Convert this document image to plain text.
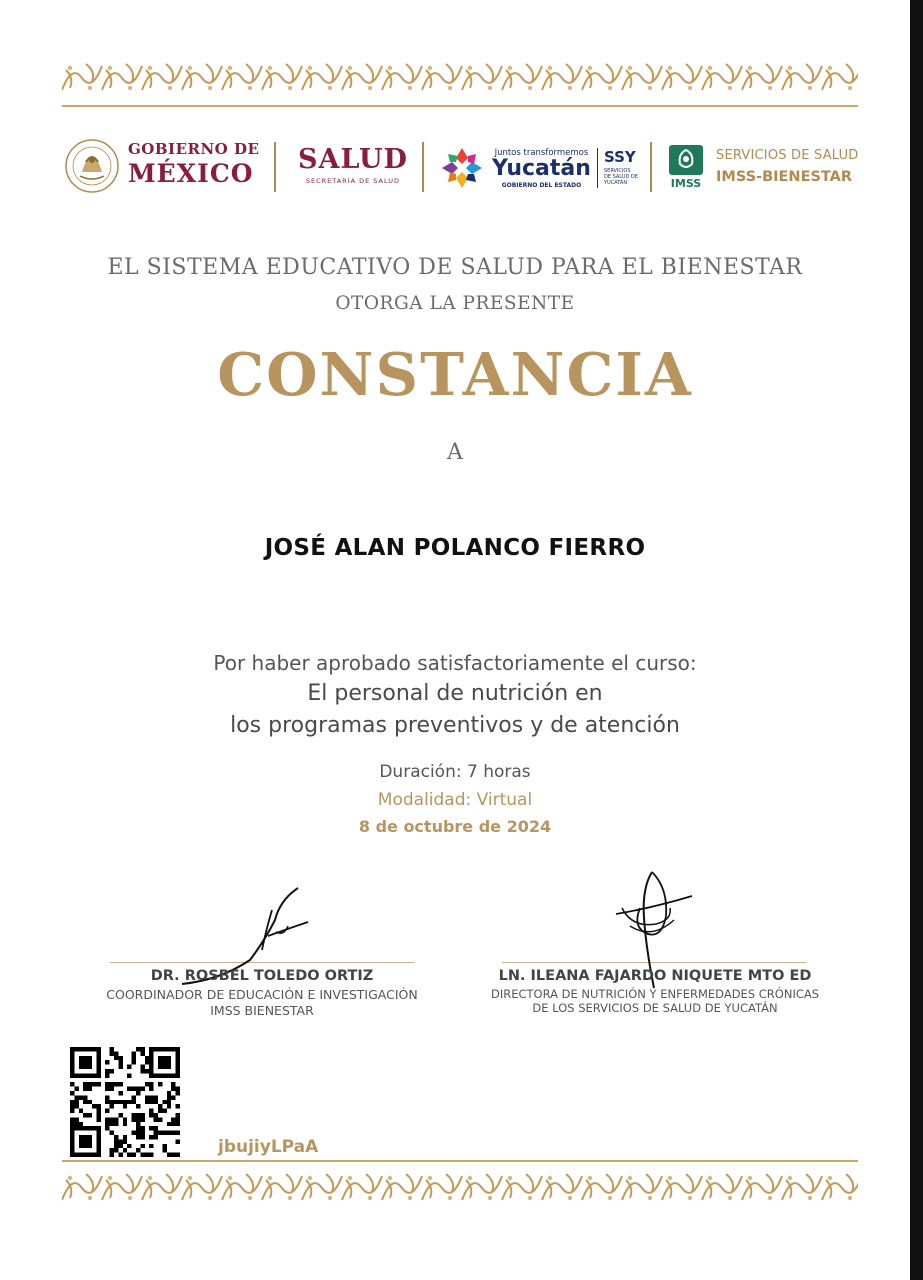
GOBIERNO DE
MÉXICO SALUD
SECRETARÍA DE SALUD
Juntos transformemos
Yucatán
GOBIERNO DEL ESTADO
SSY
SERVICIOS DE SALUD DE YUCATÁN	IMSS
SERVICIOS DE SALUD
IMSS-BIENESTAR
EL SISTEMA EDUCATIVO DE SALUD PARA EL BIENESTAR
OTORGA LA PRESENTE
CONSTANCIA
A
JOSÉ ALAN POLANCO FIERRO
Por haber aprobado satisfactoriamente el curso:
El personal de nutrición en
los programas preventivos y de atención
Duración: 7 horas
Modalidad: Virtual
8 de octubre de 2024
DR. ROSBEL TOLEDO ORTIZ
COORDINADOR DE EDUCACIÓN E INVESTIGACIÓN
IMSS BIENESTAR
LN. ILEANA FAJARDO NIQUETE MTO ED
DIRECTORA DE NUTRICIÓN Y ENFERMEDADES CRÓNICAS
DE LOS SERVICIOS DE SALUD DE YUCATÁN
jbujiyLPaA
